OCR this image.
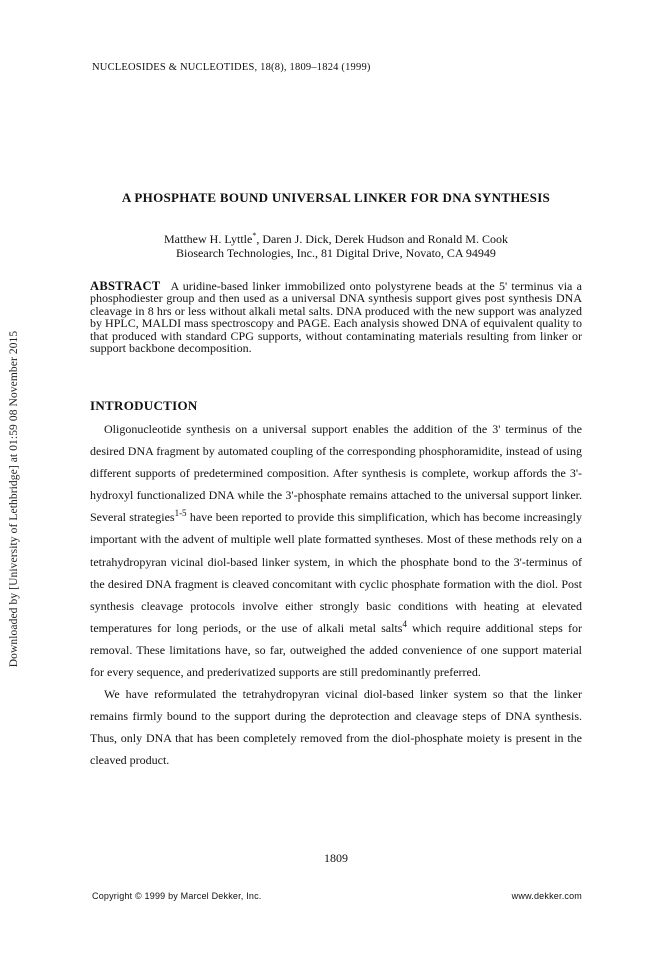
Downloaded by [University of Lethbridge] at 01:59 08 November 2015
NUCLEOSIDES & NUCLEOTIDES, 18(8), 1809–1824 (1999)
A PHOSPHATE BOUND UNIVERSAL LINKER FOR DNA SYNTHESIS
Matthew H. Lyttle*, Daren J. Dick, Derek Hudson and Ronald M. Cook
Biosearch Technologies, Inc., 81 Digital Drive, Novato, CA 94949
ABSTRACT A uridine-based linker immobilized onto polystyrene beads at the 5' terminus via a phosphodiester group and then used as a universal DNA synthesis support gives post synthesis DNA cleavage in 8 hrs or less without alkali metal salts. DNA produced with the new support was analyzed by HPLC, MALDI mass spectroscopy and PAGE. Each analysis showed DNA of equivalent quality to that produced with standard CPG supports, without contaminating materials resulting from linker or support backbone decomposition.
INTRODUCTION

Oligonucleotide synthesis on a universal support enables the addition of the 3' terminus of the desired DNA fragment by automated coupling of the corresponding phosphoramidite, instead of using different supports of predetermined composition. After synthesis is complete, workup affords the 3'-hydroxyl functionalized DNA while the 3'-phosphate remains attached to the universal support linker. Several strategies$^{1-5}$ have been reported to provide this simplification, which has become increasingly important with the advent of multiple well plate formatted syntheses. Most of these methods rely on a tetrahydropyran vicinal diol-based linker system, in which the phosphate bond to the 3'-terminus of the desired DNA fragment is cleaved concomitant with cyclic phosphate formation with the diol. Post synthesis cleavage protocols involve either strongly basic conditions with heating at elevated temperatures for long periods, or the use of alkali metal salts$^4$ which require additional steps for removal. These limitations have, so far, outweighed the added convenience of one support material for every sequence, and prederivatized supports are still predominantly preferred.

We have reformulated the tetrahydropyran vicinal diol-based linker system so that the linker remains firmly bound to the support during the deprotection and cleavage steps of DNA synthesis. Thus, only DNA that has been completely removed from the diol-phosphate moiety is present in the cleaved product.

1809
Copyright © 1999 by Marcel Dekker, Inc.	www.dekker.com
